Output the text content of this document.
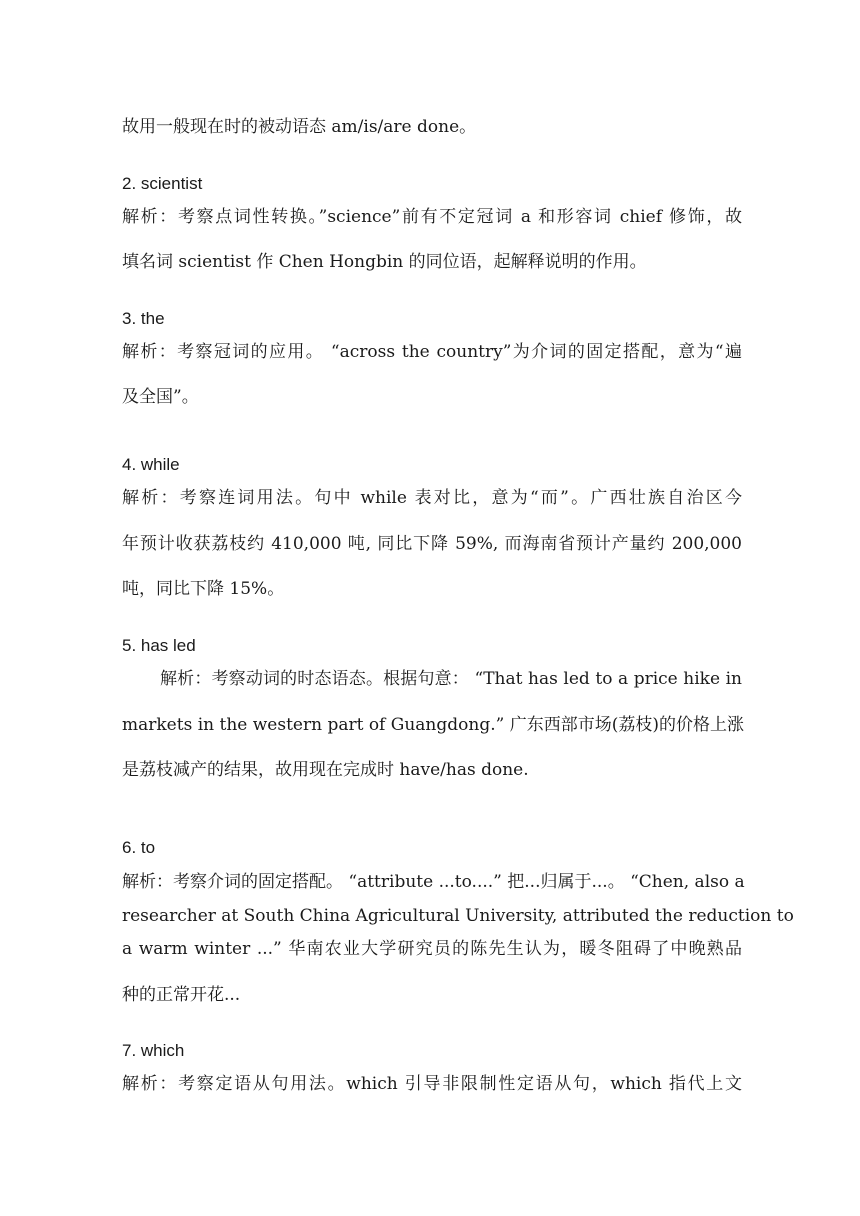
故用一般现在时的被动语态 am/is/are done。
2. scientist
解析：考察点词性转换。”science”前有不定冠词 a 和形容词 chief 修饰，故
填名词 scientist 作 Chen Hongbin 的同位语，起解释说明的作用。
3. the
解析：考察冠词的应用。 “across the country”为介词的固定搭配，意为“遍
及全国”。
4. while
解析：考察连词用法。句中 while 表对比，意为“而”。广西壮族自治区今
年预计收获荔枝约 410,000 吨, 同比下降 59%, 而海南省预计产量约 200,000
吨，同比下降 15%。
5. has led
解析：考察动词的时态语态。根据句意： “That has led to a price hike in
markets in the western part of Guangdong.” 广东西部市场(荔枝)的价格上涨
是荔枝减产的结果，故用现在完成时 have/has done.
6. to
解析：考察介词的固定搭配。 “attribute ...to....” 把...归属于...。 “Chen, also a
researcher at South China Agricultural University, attributed the reduction to
a warm winter ...” 华南农业大学研究员的陈先生认为，暖冬阻碍了中晚熟品
种的正常开花...
7. which
解析：考察定语从句用法。which 引导非限制性定语从句，which 指代上文
